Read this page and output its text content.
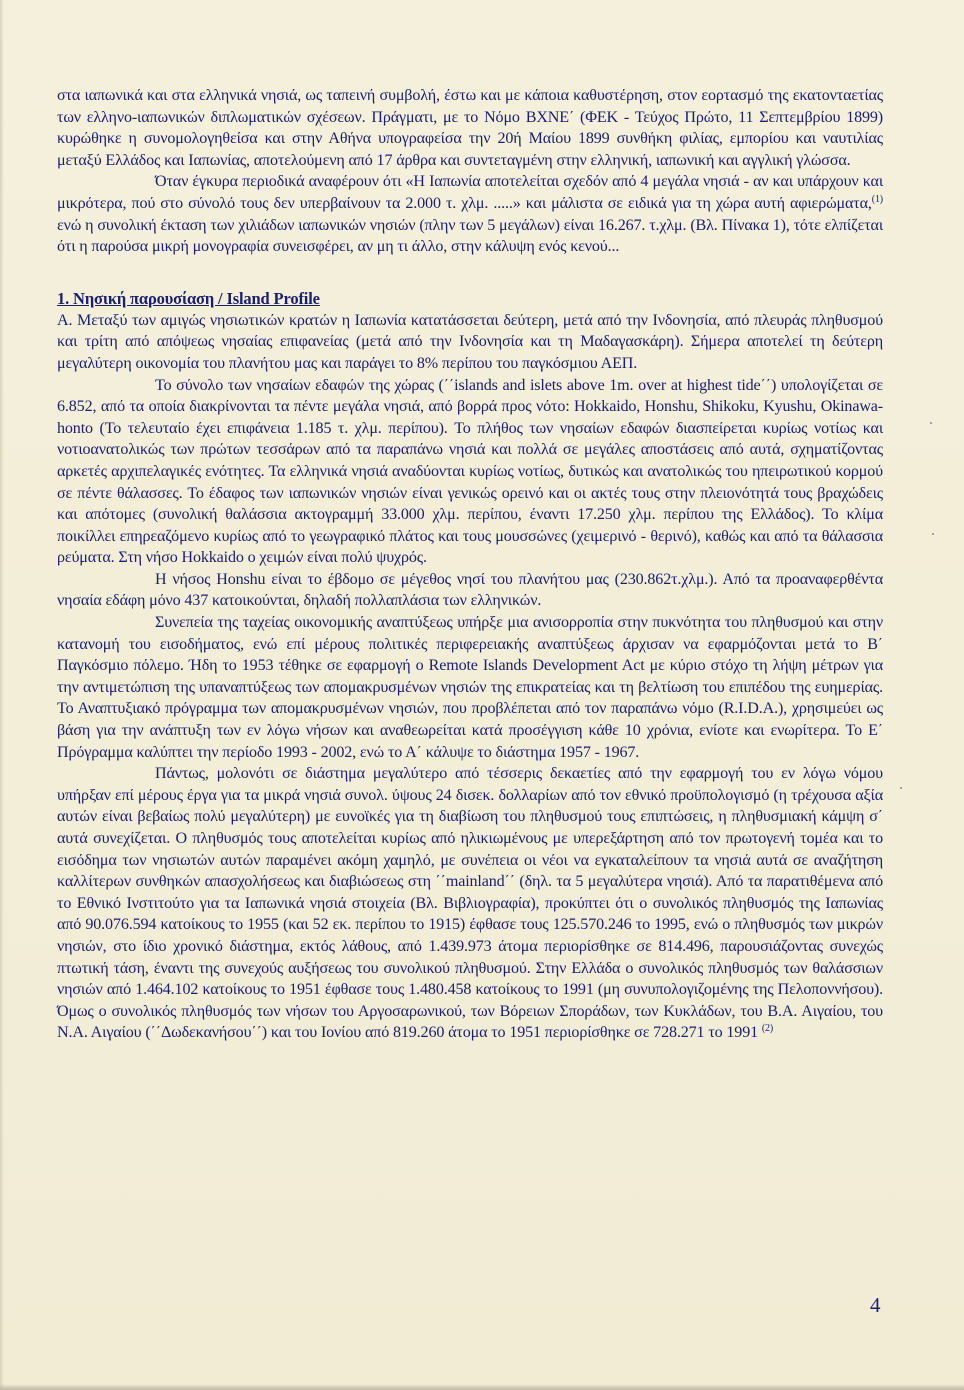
στα ιαπωνικά και στα ελληνικά νησιά, ως ταπεινή συμβολή, έστω και με κάποια καθυστέρηση, στον εορτασμό της εκατονταετίας των ελληνο-ιαπωνικών διπλωματικών σχέσεων. Πράγματι, με το Νόμο ΒΧΝΕ΄ (ΦΕΚ - Τεύχος Πρώτο, 11 Σεπτεμβρίου 1899) κυρώθηκε η συνομολογηθείσα και στην Αθήνα υπογραφείσα την 20ή Μαίου 1899 συνθήκη φιλίας, εμπορίου και ναυτιλίας μεταξύ Ελλάδος και Ιαπωνίας, αποτελούμενη από 17 άρθρα και συντεταγμένη στην ελληνική, ιαπωνική και αγγλική γλώσσα.

Όταν έγκυρα περιοδικά αναφέρουν ότι «Η Ιαπωνία αποτελείται σχεδόν από 4 μεγάλα νησιά - αν και υπάρχουν και μικρότερα, πού στο σύνολό τους δεν υπερβαίνουν τα 2.000 τ. χλμ. .....» και μάλιστα σε ειδικά για τη χώρα αυτή αφιερώματα,$^{(1)}$ ενώ η συνολική έκταση των χιλιάδων ιαπωνικών νησιών (πλην των 5 μεγάλων) είναι 16.267. τ.χλμ. (Βλ. Πίνακα 1), τότε ελπίζεται ότι η παρούσα μικρή μονογραφία συνεισφέρει, αν μη τι άλλο, στην κάλυψη ενός κενού...

1. Νησική παρουσίαση / Island Profile

Α. Μεταξύ των αμιγώς νησιωτικών κρατών η Ιαπωνία κατατάσσεται δεύτερη, μετά από την Ινδονησία, από πλευράς πληθυσμού και τρίτη από απόψεως νησαίας επιφανείας (μετά από την Ινδονησία και τη Μαδαγασκάρη). Σήμερα αποτελεί τη δεύτερη μεγαλύτερη οικονομία του πλανήτου μας και παράγει το 8% περίπου του παγκόσμιου ΑΕΠ.

Το σύνολο των νησαίων εδαφών της χώρας (΄΄islands and islets above 1m. over at highest tide΄΄) υπολογίζεται σε 6.852, από τα οποία διακρίνονται τα πέντε μεγάλα νησιά, από βορρά προς νότο: Hokkaido, Honshu, Shikoku, Kyushu, Okinawa-honto (Το τελευταίο έχει επιφάνεια 1.185 τ. χλμ. περίπου). Το πλήθος των νησαίων εδαφών διασπείρεται κυρίως νοτίως και νοτιοανατολικώς των πρώτων τεσσάρων από τα παραπάνω νησιά και πολλά σε μεγάλες αποστάσεις από αυτά, σχηματίζοντας αρκετές αρχιπελαγικές ενότητες. Τα ελληνικά νησιά αναδύονται κυρίως νοτίως, δυτικώς και ανατολικώς του ηπειρωτικού κορμού σε πέντε θάλασσες. Το έδαφος των ιαπωνικών νησιών είναι γενικώς ορεινό και οι ακτές τους στην πλειονότητά τους βραχώδεις και απότομες (συνολική θαλάσσια ακτογραμμή 33.000 χλμ. περίπου, έναντι 17.250 χλμ. περίπου της Ελλάδος). Το κλίμα ποικίλλει επηρεαζόμενο κυρίως από το γεωγραφικό πλάτος και τους μουσσώνες (χειμερινό - θερινό), καθώς και από τα θάλασσια ρεύματα. Στη νήσο Hokkaido ο χειμών είναι πολύ ψυχρός.

Η νήσος Honshu είναι το έβδομο σε μέγεθος νησί του πλανήτου μας (230.862τ.χλμ.). Από τα προαναφερθέντα νησαία εδάφη μόνο 437 κατοικούνται, δηλαδή πολλαπλάσια των ελληνικών.

Συνεπεία της ταχείας οικονομικής αναπτύξεως υπήρξε μια ανισορροπία στην πυκνότητα του πληθυσμού και στην κατανομή του εισοδήματος, ενώ επί μέρους πολιτικές περιφερειακής αναπτύξεως άρχισαν να εφαρμόζονται μετά το Β΄ Παγκόσμιο πόλεμο. Ήδη το 1953 τέθηκε σε εφαρμογή ο Remote Islands Development Act με κύριο στόχο τη λήψη μέτρων για την αντιμετώπιση της υπαναπτύξεως των απομακρυσμένων νησιών της επικρατείας και τη βελτίωση του επιπέδου της ευημερίας. Το Αναπτυξιακό πρόγραμμα των απομακρυσμένων νησιών, που προβλέπεται από τον παραπάνω νόμο (R.I.D.A.), χρησιμεύει ως βάση για την ανάπτυξη των εν λόγω νήσων και αναθεωρείται κατά προσέγγιση κάθε 10 χρόνια, ενίοτε και ενωρίτερα. Το Ε΄ Πρόγραμμα καλύπτει την περίοδο 1993 - 2002, ενώ το Α΄ κάλυψε το διάστημα 1957 - 1967.

Πάντως, μολονότι σε διάστημα μεγαλύτερο από τέσσερις δεκαετίες από την εφαρμογή του εν λόγω νόμου υπήρξαν επί μέρους έργα για τα μικρά νησιά συνολ. ύψους 24 δισεκ. δολλαρίων από τον εθνικό προϋπολογισμό (η τρέχουσα αξία αυτών είναι βεβαίως πολύ μεγαλύτερη) με ευνοϊκές για τη διαβίωση του πληθυσμού τους επιπτώσεις, η πληθυσμιακή κάμψη σ΄ αυτά συνεχίζεται. Ο πληθυσμός τους αποτελείται κυρίως από ηλικιωμένους με υπερεξάρτηση από τον πρωτογενή τομέα και το εισόδημα των νησιωτών αυτών παραμένει ακόμη χαμηλό, με συνέπεια οι νέοι να εγκαταλείπουν τα νησιά αυτά σε αναζήτηση καλλίτερων συνθηκών απασχολήσεως και διαβιώσεως στη ΄΄mainland΄΄ (δηλ. τα 5 μεγαλύτερα νησιά). Από τα παρατιθέμενα από το Εθνικό Ινστιτούτο για τα Ιαπωνικά νησιά στοιχεία (Βλ. Βιβλιογραφία), προκύπτει ότι ο συνολικός πληθυσμός της Ιαπωνίας από 90.076.594 κατοίκους το 1955 (και 52 εκ. περίπου το 1915) έφθασε τους 125.570.246 το 1995, ενώ ο πληθυσμός των μικρών νησιών, στο ίδιο χρονικό διάστημα, εκτός λάθους, από 1.439.973 άτομα περιορίσθηκε σε 814.496, παρουσιάζοντας συνεχώς πτωτική τάση, έναντι της συνεχούς αυξήσεως του συνολικού πληθυσμού. Στην Ελλάδα ο συνολικός πληθυσμός των θαλάσσιων νησιών από 1.464.102 κατοίκους το 1951 έφθασε τους 1.480.458 κατοίκους το 1991 (μη συνυπολογιζομένης της Πελοποννήσου). Όμως ο συνολικός πληθυσμός των νήσων του Αργοσαρωνικού, των Βόρειων Σποράδων, των Κυκλάδων, του Β.Α. Αιγαίου, του Ν.Α. Αιγαίου (΄΄Δωδεκανήσου΄΄) και του Ιονίου από 819.260 άτομα το 1951 περιορίσθηκε σε 728.271 το 1991 $^{(2)}$

4
